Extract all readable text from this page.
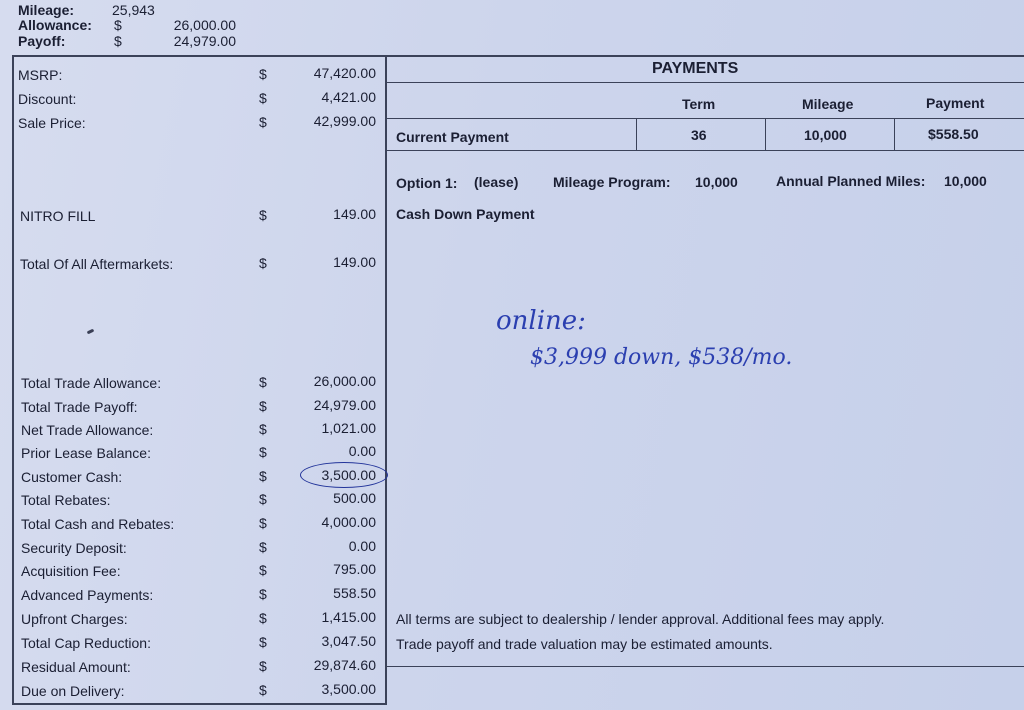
Mileage:	25,943
Allowance: $	26,000.00
Payoff:	$	24,979.00
MSRP:	$	47,420.00
Discount:	$	4,421.00
Sale Price:	$	42,999.00
NITRO FILL	$	149.00
Total Of All Aftermarkets:	$	149.00
Total Trade Allowance:	$	26,000.00
Total Trade Payoff:	$	24,979.00
Net Trade Allowance:	$	1,021.00
Prior Lease Balance:	$	0.00
Customer Cash:	$	3,500.00
Total Rebates:	$	500.00
Total Cash and Rebates:	$	4,000.00
Security Deposit:	$	0.00
Acquisition Fee:	$	795.00
Advanced Payments:	$	558.50
Upfront Charges:	$	1,415.00
Total Cap Reduction:	$	3,047.50
Residual Amount:	$	29,874.60
Due on Delivery:	$	3,500.00
PAYMENTS
Term	Mileage	Payment
Current Payment	36	10,000	$558.50
Option 1: (lease) Mileage Program: 10,000	Annual Planned Miles: 10,000
Cash Down Payment
online:
$3,999 down, $538/mo.
All terms are subject to dealership / lender approval. Additional fees may apply.
Trade payoff and trade valuation may be estimated amounts.
